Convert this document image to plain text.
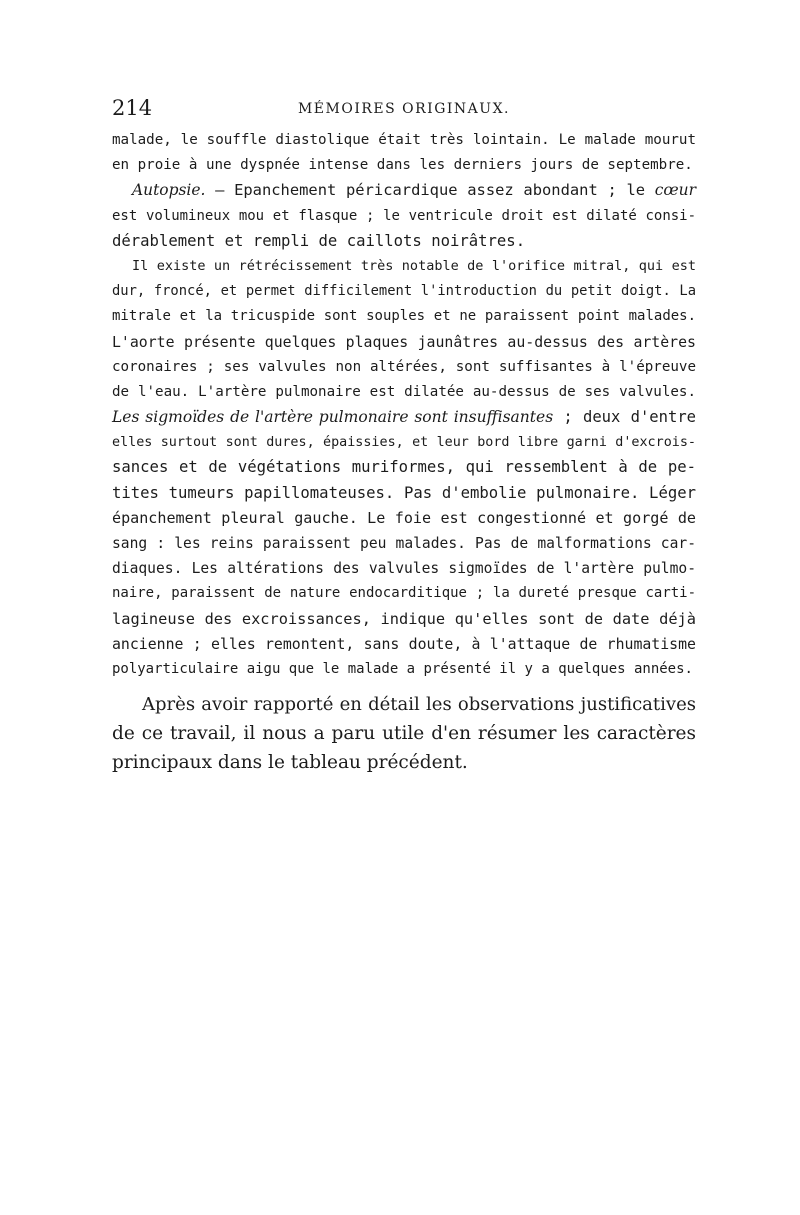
214	MÉMOIRES ORIGINAUX.
malade, le souffle diastolique était très lointain. Le malade mourut
en proie à une dyspnée intense dans les derniers jours de septembre.
Autopsie. — Epanchement péricardique assez abondant ; le cœur
est volumineux mou et flasque ; le ventricule droit est dilaté consi-
dérablement et rempli de caillots noirâtres.
Il existe un rétrécissement très notable de l'orifice mitral, qui est
dur, froncé, et permet difficilement l'introduction du petit doigt. La
mitrale et la tricuspide sont souples et ne paraissent point malades.
L'aorte présente quelques plaques jaunâtres au-dessus des artères
coronaires ; ses valvules non altérées, sont suffisantes à l'épreuve
de l'eau. L'artère pulmonaire est dilatée au-dessus de ses valvules.
Les sigmoïdes de l'artère pulmonaire sont insuffisantes ; deux d'entre
elles surtout sont dures, épaissies, et leur bord libre garni d'excrois-
sances et de végétations muriformes, qui ressemblent à de pe-
tites tumeurs papillomateuses. Pas d'embolie pulmonaire. Léger
épanchement pleural gauche. Le foie est congestionné et gorgé de
sang : les reins paraissent peu malades. Pas de malformations car-
diaques. Les altérations des valvules sigmoïdes de l'artère pulmo-
naire, paraissent de nature endocarditique ; la dureté presque carti-
lagineuse des excroissances, indique qu'elles sont de date déjà
ancienne ; elles remontent, sans doute, à l'attaque de rhumatisme
polyarticulaire aigu que le malade a présenté il y a quelques années.
Après avoir rapporté en détail les observations justificatives
de ce travail, il nous a paru utile d'en résumer les caractères
principaux dans le tableau précédent.
